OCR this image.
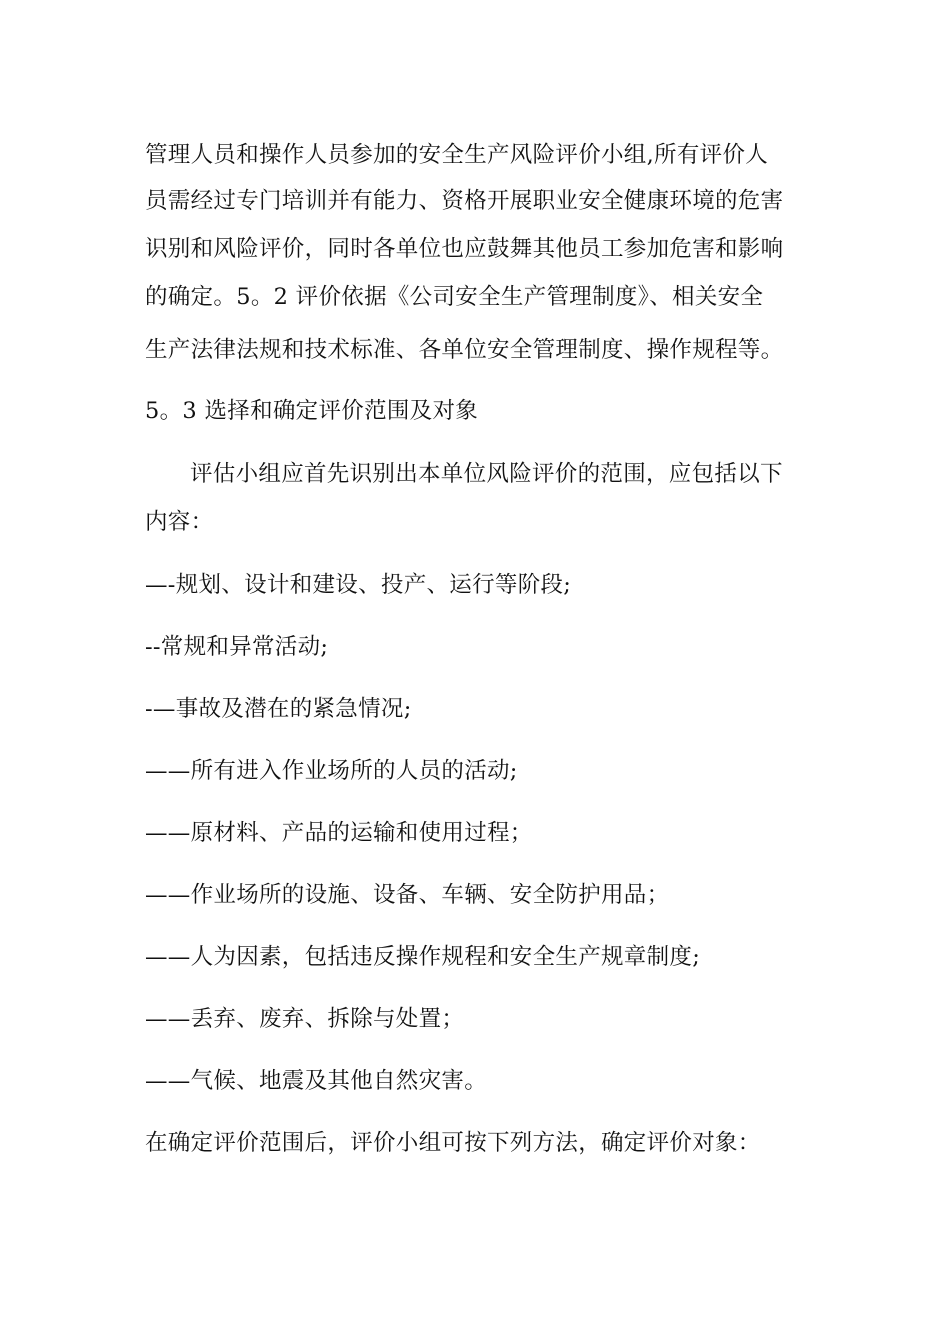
管理人员和操作人员参加的安全生产风险评价小组,所有评价人
员需经过专门培训并有能力、资格开展职业安全健康环境的危害
识别和风险评价，同时各单位也应鼓舞其他员工参加危害和影响
的确定。5。2 评价依据《公司安全生产管理制度》、相关安全
生产法律法规和技术标准、各单位安全管理制度、操作规程等。
5。3 选择和确定评价范围及对象
评估小组应首先识别出本单位风险评价的范围，应包括以下
内容：
—-规划、设计和建设、投产、运行等阶段;
--常规和异常活动;
-—事故及潜在的紧急情况;
——所有进入作业场所的人员的活动;
——原材料、产品的运输和使用过程；
——作业场所的设施、设备、车辆、安全防护用品；
——人为因素，包括违反操作规程和安全生产规章制度;
——丢弃、废弃、拆除与处置；
——气候、地震及其他自然灾害。
在确定评价范围后，评价小组可按下列方法，确定评价对象：
